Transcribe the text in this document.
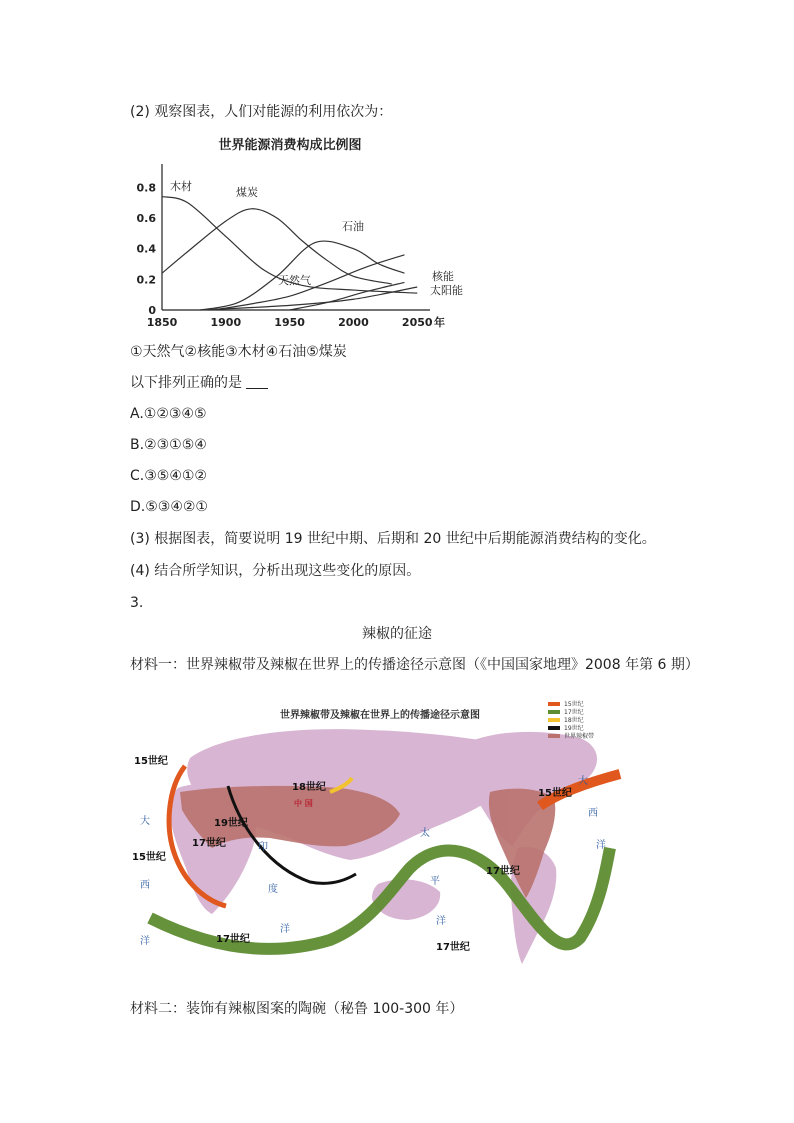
(2) 观察图表，人们对能源的利用依次为：
世界能源消费构成比例图
0
0.2
0.4
0.6
0.8
1850	1900	1950	2000	2050 年
木材	煤炭
石油
天然气	核能
太阳能
①天然气②核能③木材④石油⑤煤炭
以下排列正确的是
A.①②③④⑤
B.②③①⑤④
C.③⑤④①②
D.⑤③④②①
(3) 根据图表，简要说明 19 世纪中期、后期和 20 世纪中后期能源消费结构的变化。
(4) 结合所学知识，分析出现这些变化的原因。
3.
辣椒的征途
材料一：世界辣椒带及辣椒在世界上的传播途径示意图（《中国国家地理》2008 年第 6 期）
世界辣椒带及辣椒在世界上的传播途径示意图
15世纪
17世纪
18世纪
19世纪
世界辣椒带
15世纪
15世纪
15世纪
17世纪
17世纪
17世纪
17世纪
18世纪
19世纪
中 国
印
度
洋
大
西
洋
太
平
洋
大
西
洋
材料二：装饰有辣椒图案的陶碗（秘鲁 100-300 年）
